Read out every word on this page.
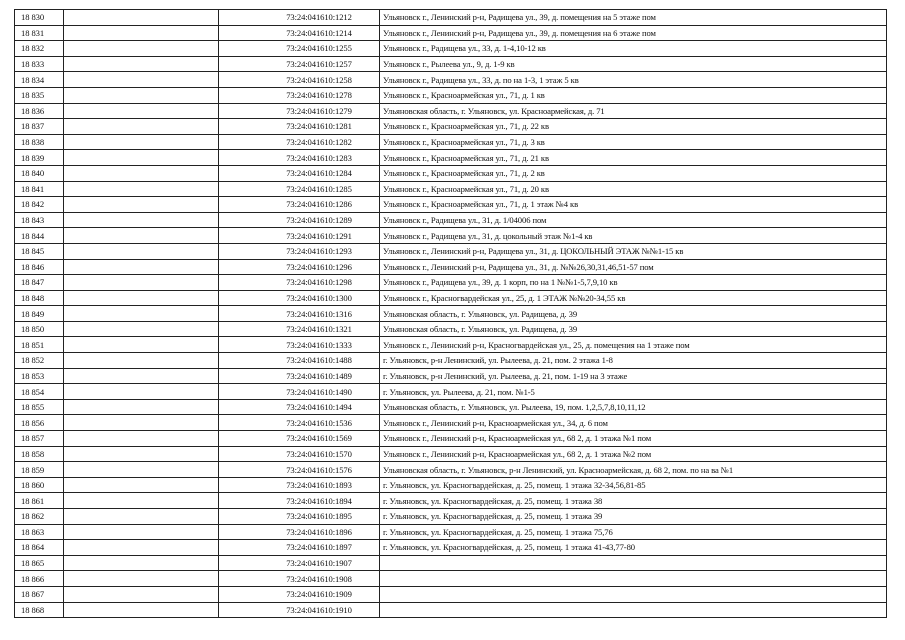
18 830		73:24:041610:1212	Ульяновск г., Ленинский р-н, Радищева ул., 39, д. помещения на 5 этаже пом
18 831		73:24:041610:1214	Ульяновск г., Ленинский р-н, Радищева ул., 39, д. помещения на 6 этаже пом
18 832		73:24:041610:1255	Ульяновск г., Радищева ул., 33, д. 1-4,10-12 кв
18 833		73:24:041610:1257	Ульяновск г., Рылеева ул., 9, д. 1-9 кв
18 834		73:24:041610:1258	Ульяновск г., Радищева ул., 33, д. по на 1-3, 1 этаж 5 кв
18 835		73:24:041610:1278	Ульяновск г., Красноармейская ул., 71, д. 1 кв
18 836		73:24:041610:1279	Ульяновская область, г. Ульяновск, ул. Красноармейская, д. 71
18 837		73:24:041610:1281	Ульяновск г., Красноармейская ул., 71, д. 22 кв
18 838		73:24:041610:1282	Ульяновск г., Красноармейская ул., 71, д. 3 кв
18 839		73:24:041610:1283	Ульяновск г., Красноармейская ул., 71, д. 21 кв
18 840		73:24:041610:1284	Ульяновск г., Красноармейская ул., 71, д. 2 кв
18 841		73:24:041610:1285	Ульяновск г., Красноармейская ул., 71, д. 20 кв
18 842		73:24:041610:1286	Ульяновск г., Красноармейская ул., 71, д. 1 этаж №4 кв
18 843		73:24:041610:1289	Ульяновск г., Радищева ул., 31, д. 1/04006 пом
18 844		73:24:041610:1291	Ульяновск г., Радищева ул., 31, д. цокольный этаж №1-4 кв
18 845		73:24:041610:1293	Ульяновск г., Ленинский р-н, Радищева ул., 31, д. ЦОКОЛЬНЫЙ ЭТАЖ №№1-15 кв
18 846		73:24:041610:1296	Ульяновск г., Ленинский р-н, Радищева ул., 31, д. №№26,30,31,46,51-57 пом
18 847		73:24:041610:1298	Ульяновск г., Радищева ул., 39, д. 1 корп, по на 1 №№1-5,7,9,10 кв
18 848		73:24:041610:1300	Ульяновск г., Красногвардейская ул., 25, д. 1 ЭТАЖ №№20-34,55 кв
18 849		73:24:041610:1316	Ульяновская область, г. Ульяновск, ул. Радищева, д. 39
18 850		73:24:041610:1321	Ульяновская область, г. Ульяновск, ул. Радищева, д. 39
18 851		73:24:041610:1333	Ульяновск г., Ленинский р-н, Красногвардейская ул., 25, д. помещения на 1 этаже пом
18 852		73:24:041610:1488	г. Ульяновск, р-н Ленинский, ул. Рылеева, д. 21, пом. 2 этажа 1-8
18 853		73:24:041610:1489	г. Ульяновск, р-н Ленинский, ул. Рылеева, д. 21, пом. 1-19 на 3 этаже
18 854		73:24:041610:1490	г. Ульяновск, ул. Рылеева, д. 21, пом. №1-5
18 855		73:24:041610:1494	Ульяновская область, г. Ульяновск, ул. Рылеева, 19, пом. 1,2,5,7,8,10,11,12
18 856		73:24:041610:1536	Ульяновск г., Ленинский р-н, Красноармейская ул., 34, д. 6 пом
18 857		73:24:041610:1569	Ульяновск г., Ленинский р-н, Красноармейская ул., 68 2, д. 1 этажа №1 пом
18 858		73:24:041610:1570	Ульяновск г., Ленинский р-н, Красноармейская ул., 68 2, д. 1 этажа №2 пом
18 859		73:24:041610:1576	Ульяновская область, г. Ульяновск, р-н Ленинский, ул. Красноармейская, д. 68 2, пом. по на ва №1
18 860		73:24:041610:1893	г. Ульяновск, ул. Красногвардейская, д. 25, помещ. 1 этажа 32-34,56,81-85
18 861		73:24:041610:1894	г. Ульяновск, ул. Красногвардейская, д. 25, помещ. 1 этажа 38
18 862		73:24:041610:1895	г. Ульяновск, ул. Красногвардейская, д. 25, помещ. 1 этажа 39
18 863		73:24:041610:1896	г. Ульяновск, ул. Красногвардейская, д. 25, помещ. 1 этажа 75,76
18 864		73:24:041610:1897	г. Ульяновск, ул. Красногвардейская, д. 25, помещ. 1 этажа 41-43,77-80
18 865		73:24:041610:1907	
18 866		73:24:041610:1908	
18 867		73:24:041610:1909	
18 868		73:24:041610:1910	
